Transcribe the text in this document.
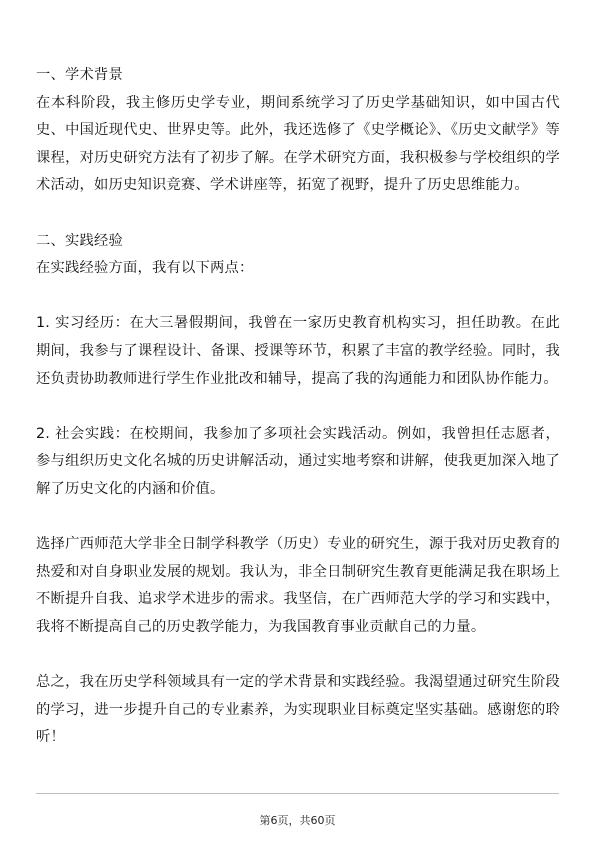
一、学术背景

在本科阶段，我主修历史学专业，期间系统学习了历史学基础知识，如中国古代史、中国近现代史、世界史等。此外，我还选修了《史学概论》、《历史文献学》等课程，对历史研究方法有了初步了解。在学术研究方面，我积极参与学校组织的学术活动，如历史知识竞赛、学术讲座等，拓宽了视野，提升了历史思维能力。

二、实践经验

在实践经验方面，我有以下两点：

1. 实习经历：在大三暑假期间，我曾在一家历史教育机构实习，担任助教。在此期间，我参与了课程设计、备课、授课等环节，积累了丰富的教学经验。同时，我还负责协助教师进行学生作业批改和辅导，提高了我的沟通能力和团队协作能力。

2. 社会实践：在校期间，我参加了多项社会实践活动。例如，我曾担任志愿者，参与组织历史文化名城的历史讲解活动，通过实地考察和讲解，使我更加深入地了解了历史文化的内涵和价值。

选择广西师范大学非全日制学科教学（历史）专业的研究生，源于我对历史教育的热爱和对自身职业发展的规划。我认为，非全日制研究生教育更能满足我在职场上不断提升自我、追求学术进步的需求。我坚信，在广西师范大学的学习和实践中，我将不断提高自己的历史教学能力，为我国教育事业贡献自己的力量。

总之，我在历史学科领域具有一定的学术背景和实践经验。我渴望通过研究生阶段的学习，进一步提升自己的专业素养，为实现职业目标奠定坚实基础。感谢您的聆听！

第6页，共60页
